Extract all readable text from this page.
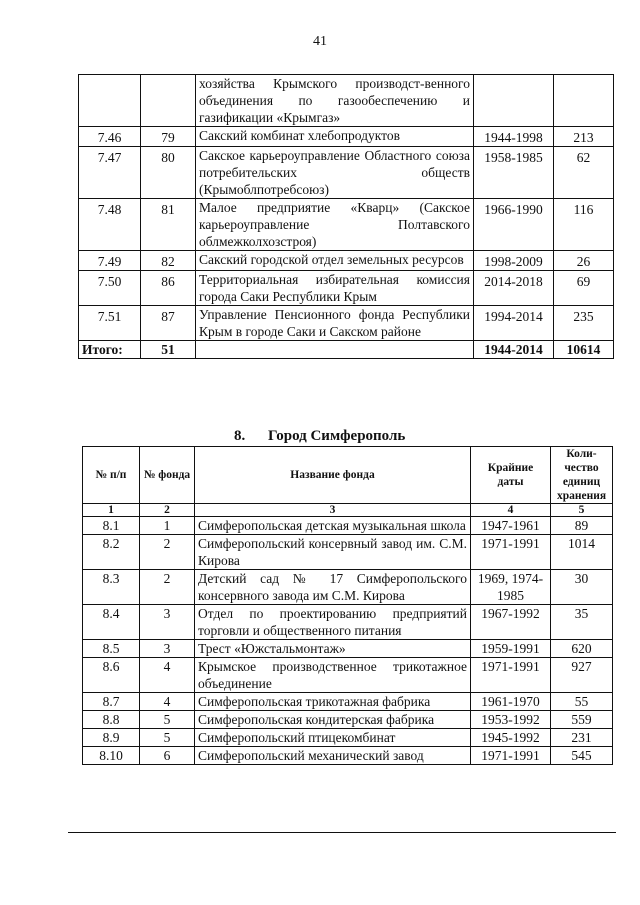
41
		хозяйства Крымского производст-венного объединения по газообеспечению и газификации «Крымгаз»		
7.46	79	Сакский комбинат хлебопродуктов	1944-1998	213
7.47	80	Сакское карьероуправление Областного союза потребительских обществ (Крымоблпотребсоюз)	1958-1985	62
7.48	81	Малое предприятие «Кварц» (Сакское карьероуправление Полтавского облмежколхозстроя)	1966-1990	116
7.49	82	Сакский городской отдел земельных ресурсов	1998-2009	26
7.50	86	Территориальная избирательная комиссия города Саки Республики Крым	2014-2018	69
7.51	87	Управление Пенсионного фонда Республики Крым в городе Саки и Сакском районе	1994-2014	235
Итого:	51		1944-2014	10614
8. Город Симферополь
№ п/п	№ фонда	Название фонда	Крайние даты	Коли-чество единиц хранения
1	2	3	4	5
8.1	1	Симферопольская детская музыкальная школа	1947-1961	89
8.2	2	Симферопольский консервный завод им. С.М. Кирова	1971-1991	1014
8.3	2	Детский сад № 17 Симферопольского консервного завода им С.М. Кирова	1969, 1974-1985	30
8.4	3	Отдел по проектированию предприятий торговли и общественного питания	1967-1992	35
8.5	3	Трест «Южстальмонтаж»	1959-1991	620
8.6	4	Крымское производственное трикотажное объединение	1971-1991	927
8.7	4	Симферопольская трикотажная фабрика	1961-1970	55
8.8	5	Симферопольская кондитерская фабрика	1953-1992	559
8.9	5	Симферопольский птицекомбинат	1945-1992	231
8.10	6	Симферопольский механический завод	1971-1991	545
